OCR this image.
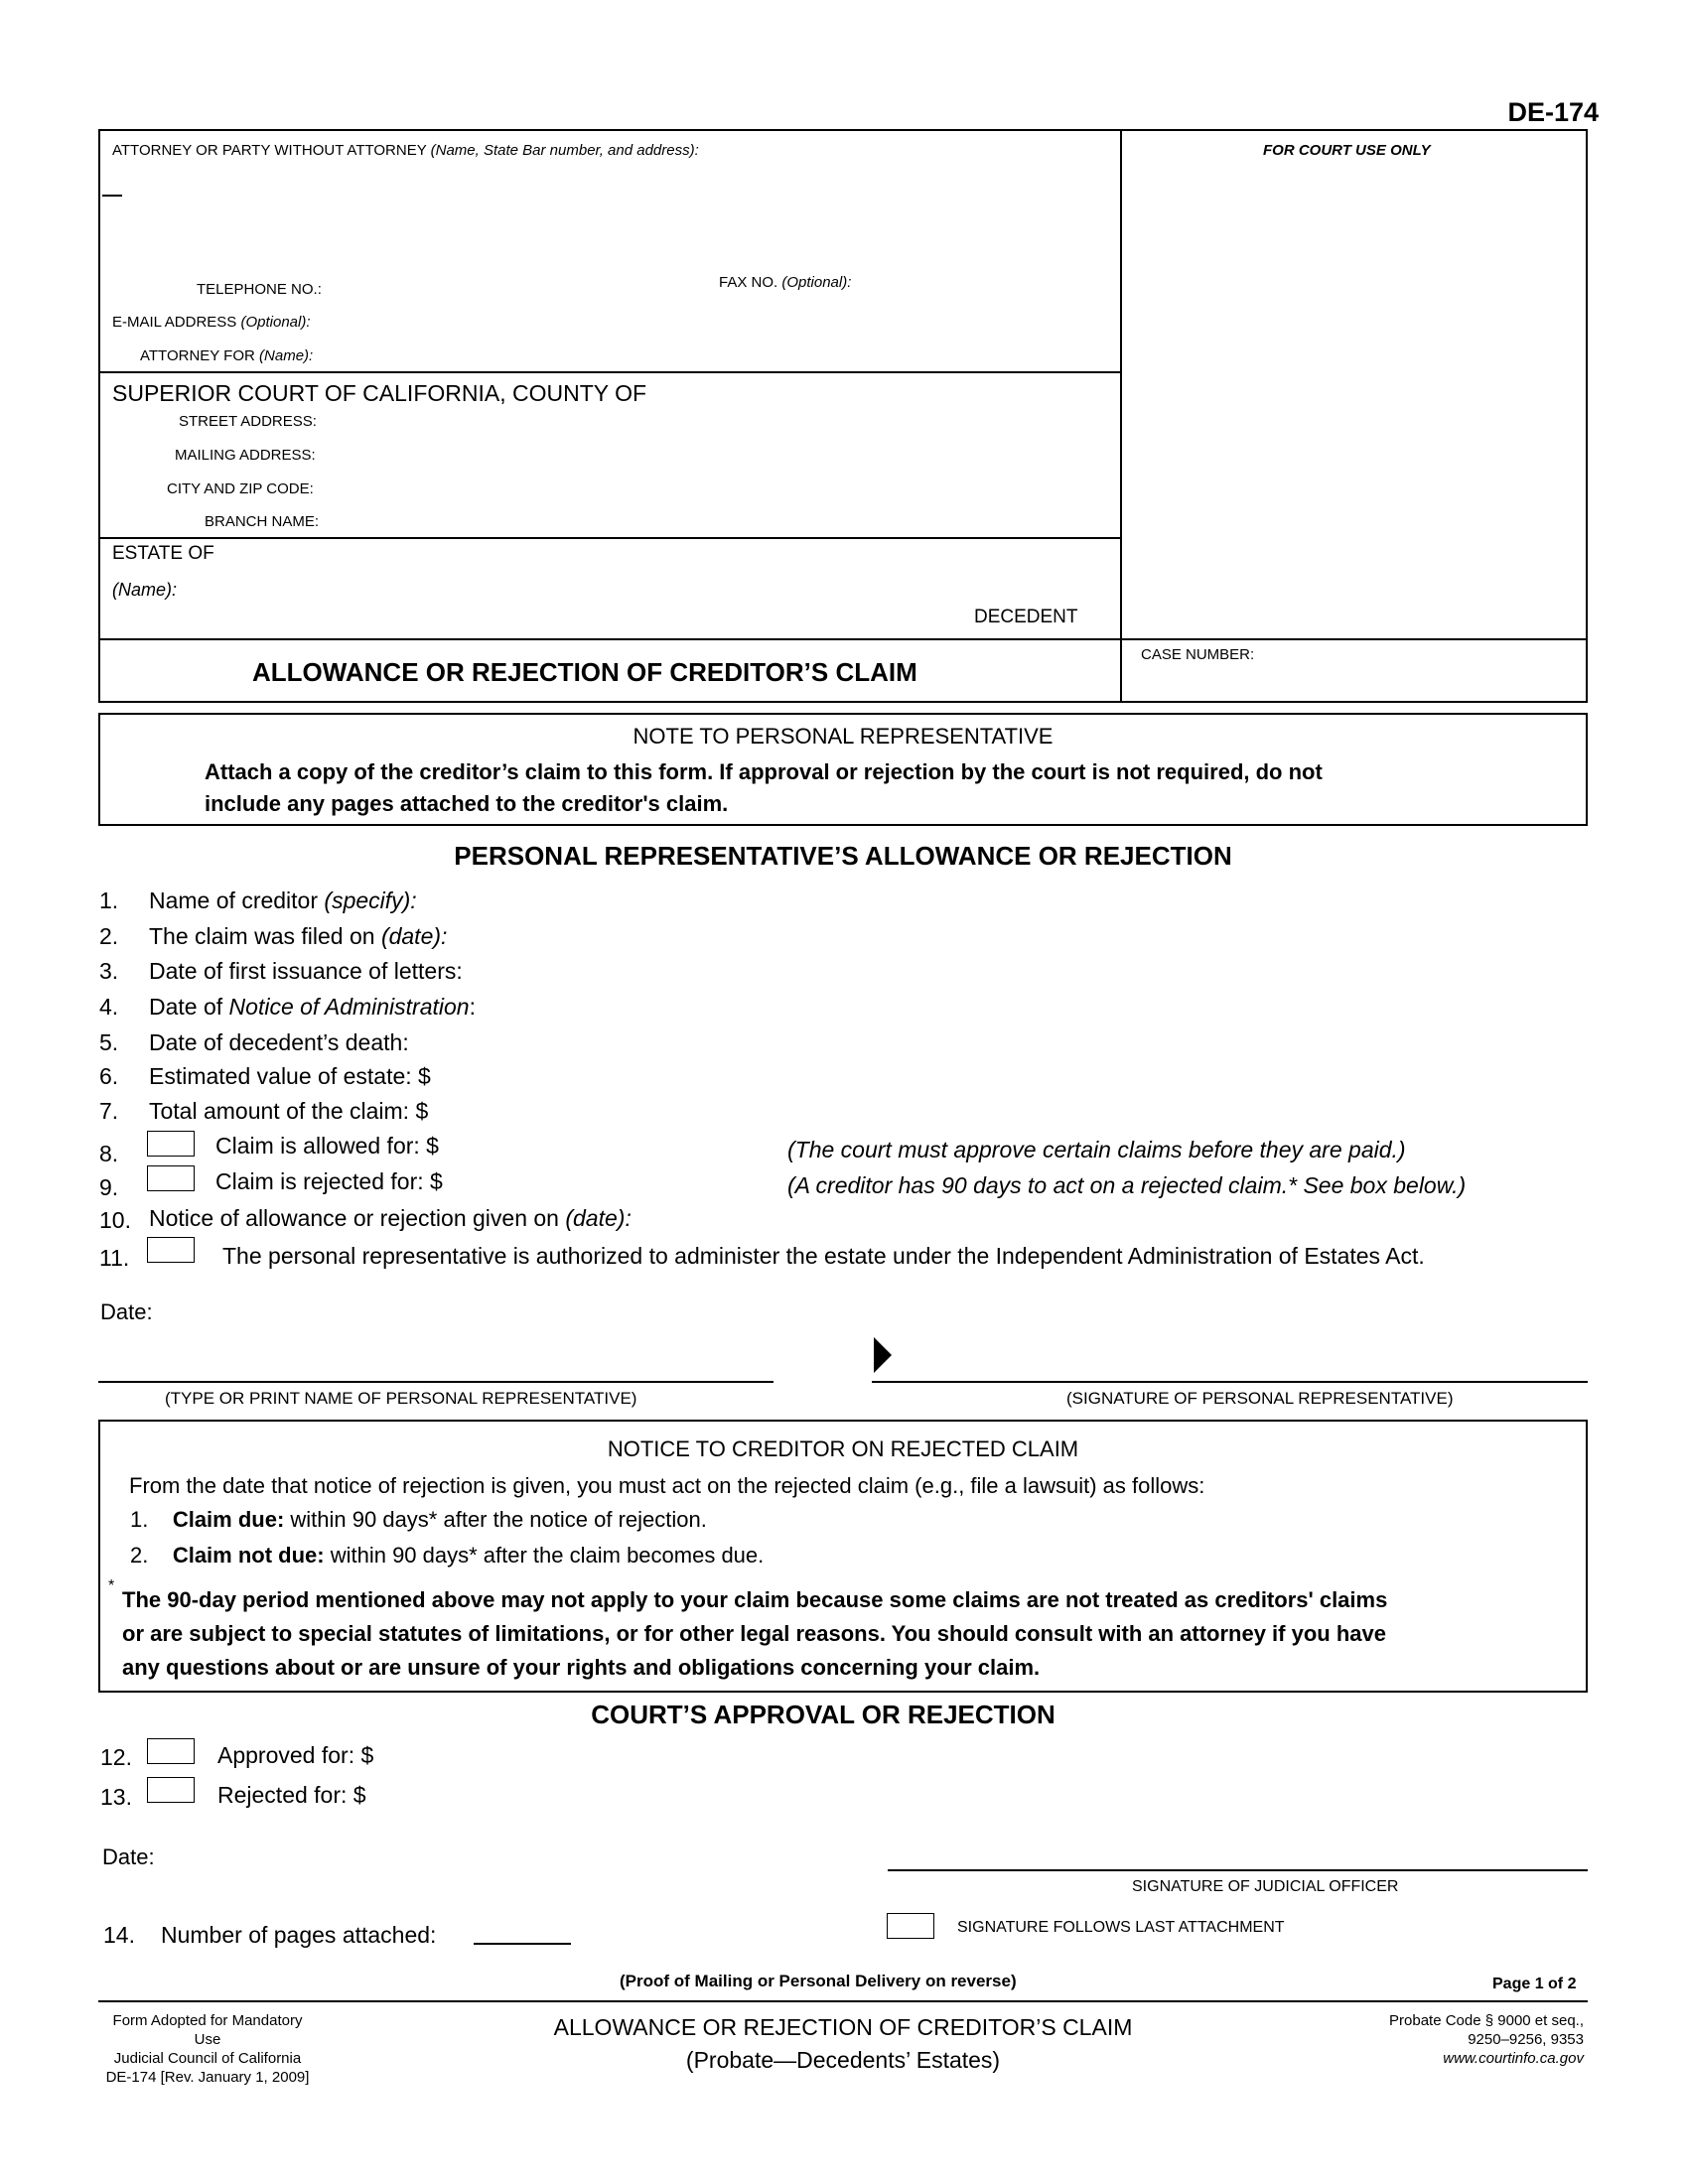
DE-174
ATTORNEY OR PARTY WITHOUT ATTORNEY (Name, State Bar number, and address):
TELEPHONE NO.:	FAX NO. (Optional):
E-MAIL ADDRESS (Optional):
ATTORNEY FOR (Name):
FOR COURT USE ONLY
SUPERIOR COURT OF CALIFORNIA, COUNTY OF
STREET ADDRESS:
MAILING ADDRESS:
CITY AND ZIP CODE:
BRANCH NAME:
ESTATE OF
(Name):
DECEDENT
ALLOWANCE OR REJECTION OF CREDITOR’S CLAIM
CASE NUMBER:
NOTE TO PERSONAL REPRESENTATIVE
Attach a copy of the creditor’s claim to this form. If approval or rejection by the court is not required, do not
include any pages attached to the creditor's claim.
PERSONAL REPRESENTATIVE’S ALLOWANCE OR REJECTION
1. Name of creditor (specify):
2. The claim was filed on (date):
3. Date of first issuance of letters:
4. Date of Notice of Administration:
5. Date of decedent’s death:
6. Estimated value of estate: $
7. Total amount of the claim: $
8.	Claim is allowed for: $	(The court must approve certain claims before they are paid.)
9.	Claim is rejected for: $	(A creditor has 90 days to act on a rejected claim.* See box below.)
10. Notice of allowance or rejection given on (date):
11.	The personal representative is authorized to administer the estate under the Independent Administration of Estates Act.
Date:
(TYPE OR PRINT NAME OF PERSONAL REPRESENTATIVE)	(SIGNATURE OF PERSONAL REPRESENTATIVE)
NOTICE TO CREDITOR ON REJECTED CLAIM
From the date that notice of rejection is given, you must act on the rejected claim (e.g., file a lawsuit) as follows:
1. Claim due: within 90 days* after the notice of rejection.
2. Claim not due: within 90 days* after the claim becomes due.
*
The 90-day period mentioned above may not apply to your claim because some claims are not treated as creditors' claims
or are subject to special statutes of limitations, or for other legal reasons. You should consult with an attorney if you have
any questions about or are unsure of your rights and obligations concerning your claim.
COURT’S APPROVAL OR REJECTION
12.	Approved for: $
13.	Rejected for: $
Date:
SIGNATURE OF JUDICIAL OFFICER
14. Number of pages attached:	SIGNATURE FOLLOWS LAST ATTACHMENT
(Proof of Mailing or Personal Delivery on reverse)	Page 1 of 2
Form Adopted for Mandatory Use
Judicial Council of California
DE-174 [Rev. January 1, 2009]
ALLOWANCE OR REJECTION OF CREDITOR’S CLAIM
(Probate—Decedents’ Estates)
Probate Code § 9000 et seq.,
9250–9256, 9353
www.courtinfo.ca.gov
